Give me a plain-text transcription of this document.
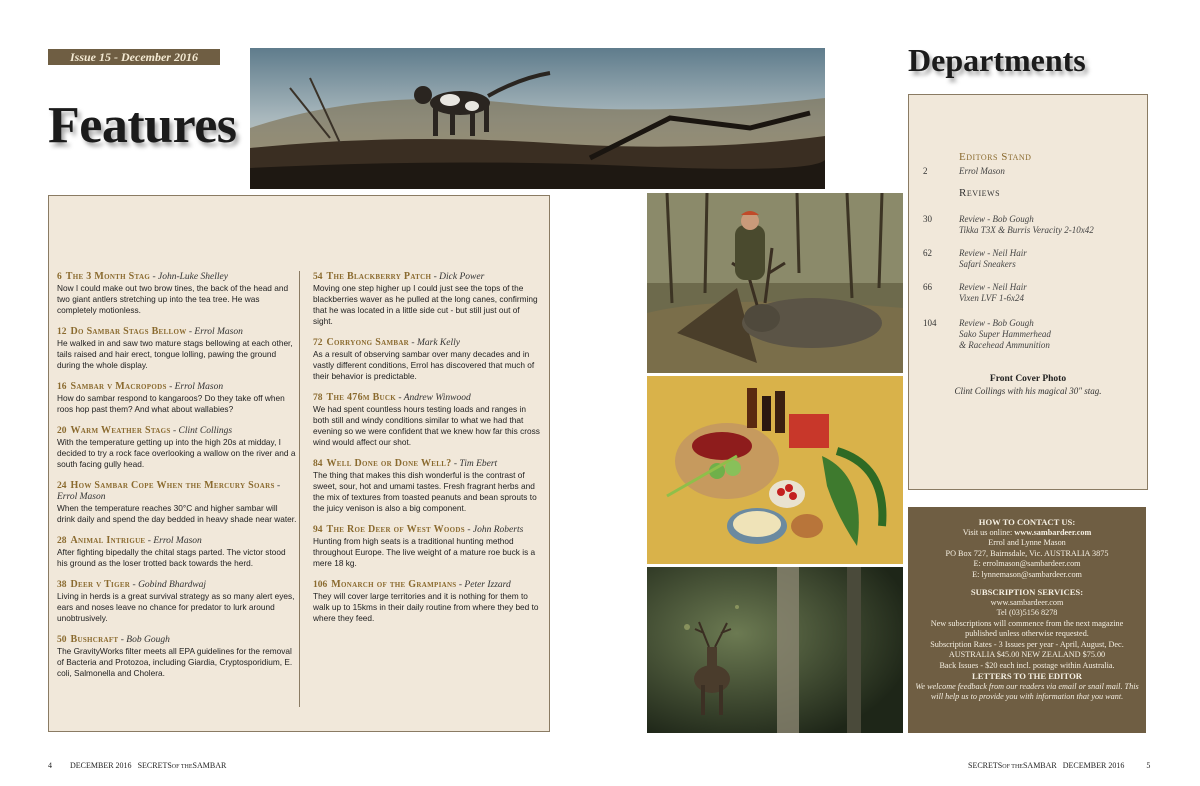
Issue 15 - December 2016
Features
Departments
6 The 3 Month Stag - John-Luke Shelley
Now I could make out two brow tines, the back of the head and two giant antlers stretching up into the tea tree. He was completely motionless.
12 Do Sambar Stags Bellow - Errol Mason
He walked in and saw two mature stags bellowing at each other, tails raised and hair erect, tongue lolling, pawing the ground during the whole display.
16 Sambar v Macropods - Errol Mason
How do sambar respond to kangaroos? Do they take off when roos hop past them? And what about wallabies?
20 Warm Weather Stags - Clint Collings
With the temperature getting up into the high 20s at midday, I decided to try a rock face overlooking a wallow on the river and a south facing gully head.
24 How Sambar Cope When the Mercury Soars - Errol Mason
When the temperature reaches 30°C and higher sambar will drink daily and spend the day bedded in heavy shade near water.
28 Animal Intrigue - Errol Mason
After fighting bipedally the chital stags parted. The victor stood his ground as the loser trotted back towards the herd.
38 Deer v Tiger - Gobind Bhardwaj
Living in herds is a great survival strategy as so many alert eyes, ears and noses leave no chance for predator to lurk around unobtrusively.
50 Bushcraft - Bob Gough
The GravityWorks filter meets all EPA guidelines for the removal of Bacteria and Protozoa, including Giardia, Cryptosporidium, E. coli, Salmonella and Cholera.
54 The Blackberry Patch - Dick Power
Moving one step higher up I could just see the tops of the blackberries waver as he pulled at the long canes, confirming that he was located in a little side cut - but still just out of sight.
72 Corryong Sambar - Mark Kelly
As a result of observing sambar over many decades and in vastly different conditions, Errol has discovered that much of their behavior is predictable.
78 The 476m Buck - Andrew Winwood
We had spent countless hours testing loads and ranges in both still and windy conditions similar to what we had that evening so we were confident that we knew how far this cross wind would affect our shot.
84 Well Done or Done Well? - Tim Ebert
The thing that makes this dish wonderful is the contrast of sweet, sour, hot and umami tastes. Fresh fragrant herbs and the mix of textures from toasted peanuts and bean sprouts to the juicy venison is also a big component.
94 The Roe Deer of West Woods - John Roberts
Hunting from high seats is a traditional hunting method throughout Europe. The live weight of a mature roe buck is a mere 18 kg.
106 Monarch of the Grampians - Peter Izzard
They will cover large territories and it is nothing for them to walk up to 15kms in their daily routine from where they bed to where they feed.
Editors Stand
2	Errol Mason
Reviews
30	Review - Bob Gough
Tikka T3X & Burris Veracity 2-10x42
62	Review - Neil Hair
Safari Sneakers
66	Review - Neil Hair
Vixen LVF 1-6x24
104	Review - Bob Gough
Sako Super Hammerhead
& Racehead Ammunition
Front Cover Photo
Clint Collings with his magical 30" stag.
HOW TO CONTACT US:
Visit us online: www.sambardeer.com
Errol and Lynne Mason
PO Box 727, Bairnsdale, Vic. AUSTRALIA 3875
E: errolmason@sambardeer.com
E: lynnemason@sambardeer.com
SUBSCRIPTION SERVICES:
www.sambardeer.com
Tel (03)5156 8278
New subscriptions will commence from the next magazine published unless otherwise requested.
Subscription Rates - 3 Issues per year - April, August, Dec.
AUSTRALIA $45.00 NEW ZEALAND $75.00
Back Issues - $20 each incl. postage within Australia.
LETTERS TO THE EDITOR
We welcome feedback from our readers via email or snail mail. This will help us to provide you with information that you want.
4 DECEMBER 2016 SECRETSOF THESAMBAR	SECRETSOF THESAMBAR DECEMBER 2016	5
